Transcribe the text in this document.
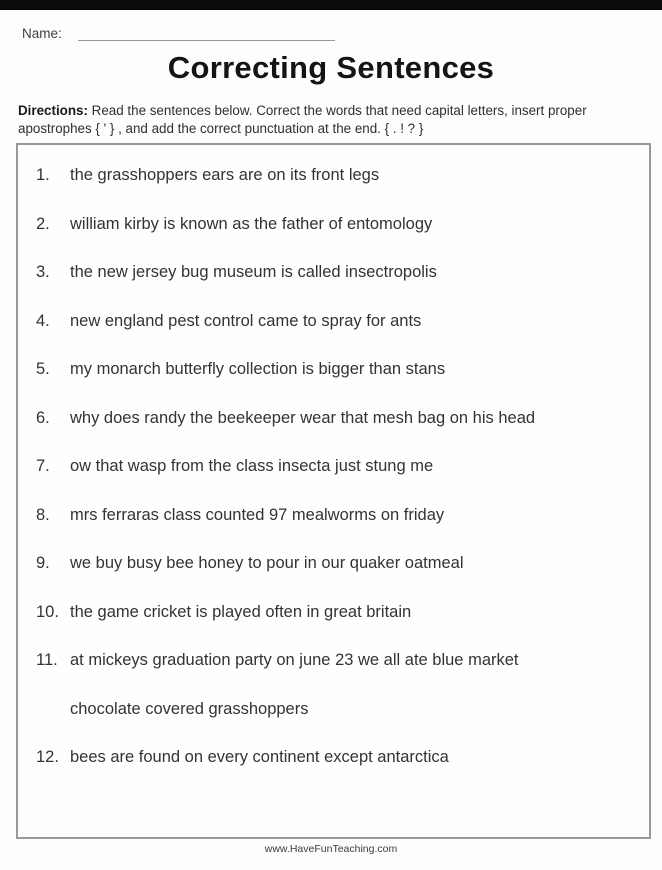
Name:
Correcting Sentences

Directions: Read the sentences below. Correct the words that need capital letters, insert proper
apostrophes { ' } , and add the correct punctuation at the end. { . ! ? }

1.	the grasshoppers ears are on its front legs
2.	william kirby is known as the father of entomology
3.	the new jersey bug museum is called insectropolis
4.	new england pest control came to spray for ants
5.	my monarch butterfly collection is bigger than stans
6.	why does randy the beekeeper wear that mesh bag on his head
7.	ow that wasp from the class insecta just stung me
8.	mrs ferraras class counted 97 mealworms on friday
9.	we buy busy bee honey to pour in our quaker oatmeal
10. the game cricket is played often in great britain
11. at mickeys graduation party on june 23 we all ate blue market
chocolate covered grasshoppers
12. bees are found on every continent except antarctica
www.HaveFunTeaching.com
